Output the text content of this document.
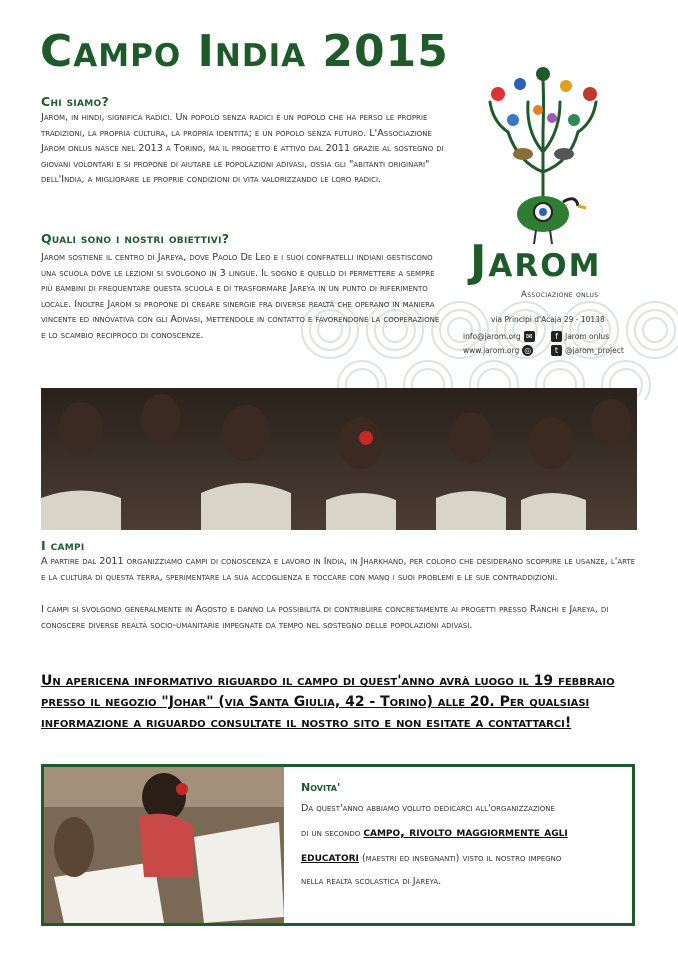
Campo India 2015
Chi siamo?

Jarom, in hindi, significa radici. Un popolo senza radici è un popolo che ha perso le proprie tradizioni, la propria cultura, la propria identità; è un popolo senza futuro. L'Associazione Jarom onlus nasce nel 2013 a Torino, ma il progetto è attivo dal 2011 grazie al sostegno di giovani volontari e si propone di aiutare le popolazioni adivasi, ossia gli "abitanti originari" dell'India, a migliorare le proprie condizioni di vita valorizzando le loro radici.

Quali sono i nostri obiettivi?

Jarom sostiene il centro di Jareya, dove Paolo De Leo e i suoi confratelli indiani gestiscono una scuola dove le lezioni si svolgono in 3 lingue. Il sogno è quello di permettere a sempre più bambini di frequentare questa scuola e di trasformare Jareya in un punto di riferimento locale. Inoltre Jarom si propone di creare sinergie fra diverse realtà che operano in maniera vincente ed innovativa con gli Adivasi, mettendole in contatto e favorendone la cooperazione e lo scambio reciproco di conoscenze.

Jarom
Associazione onlus
via Principi d'Acaja 29 - 10138
info@jarom.org ✉	f Jarom onlus
www.jarom.org ◎	t @jarom_project
I campi

A partire dal 2011 organizziamo campi di conoscenza e lavoro in India, in Jharkhand, per coloro che desiderano scoprire le usanze, l'arte e la cultura di questa terra, sperimentare la sua accoglienza e toccare con mano i suoi problemi e le sue contraddizioni.

I campi si svolgono generalmente in Agosto e danno la possibilità di contribuire concretamente ai progetti presso Ranchi e Jareya, di conoscere diverse realtà socio-umanitarie impegnate da tempo nel sostegno delle popolazioni adivasi.

Un apericena informativo riguardo il campo di quest'anno avrà luogo il 19 febbraio presso il negozio "Johar" (via Santa Giulia, 42 - Torino) alle 20. Per qualsiasi informazione a riguardo consultate il nostro sito e non esitate a contattarci!

Novita'
Da quest'anno abbiamo voluto dedicarci all'organizzazione
di un secondo campo, rivolto maggiormente agli
educatori (maestri ed insegnanti) visto il nostro impegno
nella realtà scolastica di Jareya.
